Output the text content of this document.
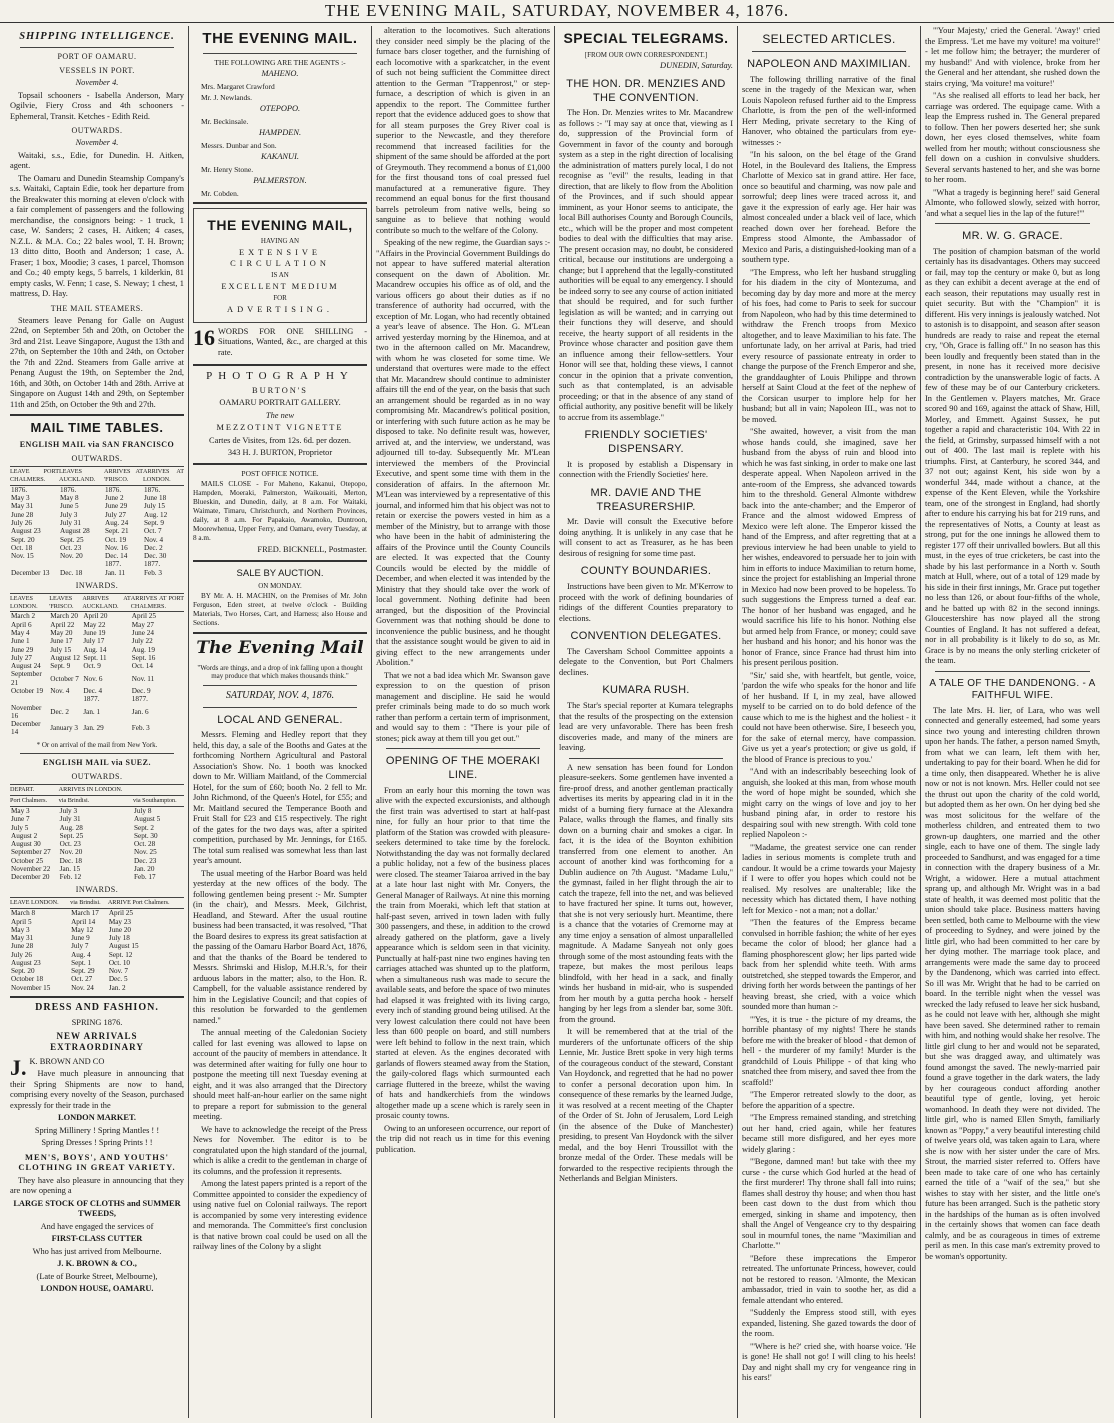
THE EVENING MAIL, SATURDAY, NOVEMBER 4, 1876.
SHIPPING INTELLIGENCE.
PORT OF OAMARU.
VESSELS IN PORT.

November 4.

Topsail schooners - Isabella Anderson, Mary Ogilvie, Fiery Cross and 4th schooners - Ephemeral, Transit. Ketches - Edith Reid.

OUTWARDS.

November 4.

Waitaki, s.s., Edie, for Dunedin. H. Aitken, agent.

The Oamaru and Dunedin Steamship Company's s.s. Waitaki, Captain Edie, took her departure from the Breakwater this morning at eleven o'clock with a fair complement of passengers and the following merchandise, the consignors being: - 1 truck, 1 case, W. Sanders; 2 cases, H. Aitken; 4 cases, N.Z.L. & M.A. Co.; 22 bales wool, T. H. Brown; 13 ditto ditto, Booth and Anderson; 1 case, A. Fraser; 1 box, Moodie; 3 cases, 1 parcel, Thomson and Co.; 40 empty kegs, 5 barrels, 1 kilderkin, 81 empty casks, W. Fenn; 1 case, S. Neway; 1 chest, 1 mattress, D. Hay.

THE MAIL STEAMERS.

Steamers leave Penang for Galle on August 22nd, on September 5th and 20th, on October the 3rd and 21st. Leave Singapore, August the 13th and 27th, on September the 10th and 24th, on October the 7th and 22nd. Steamers from Galle arrive at Penang August the 19th, on September the 2nd, 16th, and 30th, on October 14th and 28th. Arrive at Singapore on August 14th and 29th, on September 11th and 25th, on October the 9th and 27th.

MAIL TIME TABLES.
ENGLISH MAIL via SAN FRANCISCO
OUTWARDS.
LEAVE PORT CHALMERS.	LEAVES AUCKLAND.	ARRIVES AT 'FRISCO.	ARRIVES AT LONDON.
1876.	1876.	1876.	1876.
May 3	May 8	June 2	June 18
May 31	June 5	June 29	July 15
June 28	July 3	July 27	Aug. 12
July 26	July 31	Aug. 24	Sept. 9
August 23	August 28	Sept. 21	Oct. 7
Sept. 20	Sept. 25	Oct. 19	Nov. 4
Oct. 18	Oct. 23	Nov. 16	Dec. 2
Nov. 15	Nov. 20	Dec. 14	Dec. 30
		1877.	1877.
December 13	Dec. 18	Jan. 11	Feb. 3
INWARDS.
LEAVES LONDON.	LEAVES 'FRISCO.	ARRIVES AT AUCKLAND.	ARRIVES AT PORT CHALMERS.
March 2	March 20	April 20	April 25
April 6	April 22	May 22	May 27
May 4	May 20	June 19	June 24
June 1	June 17	July 17	July 22
June 29	July 15	Aug. 14	Aug. 19
July 27	August 12	Sept. 11	Sept. 16
August 24	Sept. 9	Oct. 9	Oct. 14
September 21	October 7	Nov. 6	Nov. 11
October 19	Nov. 4	Dec. 4	Dec. 9
		1877.	1877.
November 16	Dec. 2	Jan. 1	Jan. 6
December 14	January 3	Jan. 29	Feb. 3

* Or on arrival of the mail from New York.

ENGLISH MAIL via SUEZ.
OUTWARDS.
DEPART.	ARRIVES IN LONDON.	
Port Chalmers.	via Brindisi.	via Southampton.
May 3	July 3	July 8
June 7	July 31	August 5
July 5	Aug. 28	Sept. 2
August 2	Sept. 25	Sept. 30
August 30	Oct. 23	Oct. 28
September 27	Nov. 20	Nov. 25
October 25	Dec. 18	Dec. 23
November 22	Jan. 15	Jan. 20
December 20	Feb. 12	Feb. 17
INWARDS.
LEAVE LONDON.	via Brindisi.	ARRIVE Port Chalmers.
March 8	March 17	April 25
April 5	April 14	May 23
May 3	May 12	June 20
May 31	June 9	July 18
June 28	July 7	August 15
July 26	Aug. 4	Sept. 12
August 23	Sept. 1	Oct. 10
Sept. 20	Sept. 29	Nov. 7
October 18	Oct. 27	Dec. 5
November 15	Nov. 24	Jan. 2
DRESS AND FASHION.

SPRING 1876.

NEW ARRIVALS EXTRAORDINARY

J. K. BROWN AND CO

Have much pleasure in announcing that their Spring Shipments are now to hand, comprising every novelty of the Season, purchased expressly for their trade in the

LONDON MARKET.

Spring Millinery ! Spring Mantles ! !

Spring Dresses ! Spring Prints ! !

MEN'S, BOYS', AND YOUTHS' CLOTHING IN GREAT VARIETY.

They have also pleasure in announcing that they are now opening a

LARGE STOCK OF CLOTHS and SUMMER TWEEDS,

And have engaged the services of

FIRST-CLASS CUTTER

Who has just arrived from Melbourne.

J. K. BROWN & CO.,

(Late of Bourke Street, Melbourne),

LONDON HOUSE, OAMARU.

THE EVENING MAIL.

THE FOLLOWING ARE THE AGENTS :-

MAHENO.

Mrs. Margaret Crawford

Mr. J. Newlands.

OTEPOPO.

Mr. Beckinsale.

HAMPDEN.

Messrs. Dunbar and Son.

KAKANUI.

Mr. Henry Stone.

PALMERSTON.

Mr. Cobden.

THE EVENING MAIL,

HAVING AN

EXTENSIVE CIRCULATION

IS AN

EXCELLENT MEDIUM

FOR

ADVERTISING.

16 WORDS FOR ONE SHILLING - Situations, Wanted, &c., are charged at this rate.

PHOTOGRAPHY

BURTON'S

OAMARU PORTRAIT GALLERY.

The new

MEZZOTINT VIGNETTE

Cartes de Visites, from 12s. 6d. per dozen.

343 H. J. BURTON, Proprietor

POST OFFICE NOTICE.

MAILS CLOSE - For Maheno, Kakanui, Otepopo, Hampden, Moeraki, Palmerston, Waikouaiti, Merton, Blueskin, and Dunedin, daily, at 8 a.m. For Waitaki, Waimate, Timaru, Christchurch, and Northern Provinces, daily, at 8 a.m. For Papakaio, Awamoko, Duntroon, Moorewhenua, Upper Ferry, and Oamaru, every Tuesday, at 8 a.m.

FRED. BICKNELL, Postmaster.

SALE BY AUCTION.

ON MONDAY.

BY Mr. A. H. MACHIN, on the Premises of Mr. John Ferguson, Eden street, at twelve o'clock - Building Materials, Two Horses, Cart, and Harness; also House and Sections.

The Evening Mail

"Words are things, and a drop of ink falling upon a thought may produce that which makes thousands think."

SATURDAY, NOV. 4, 1876.

LOCAL AND GENERAL.

Messrs. Fleming and Hedley report that they held, this day, a sale of the Booths and Gates at the forthcoming Northern Agricultural and Pastoral Association's Show. No. 1 booth was knocked down to Mr. William Maitland, of the Commercial Hotel, for the sum of £60; booth No. 2 fell to Mr. John Richmond, of the Queen's Hotel, for £55; and Mr. Maitland secured the Temperance Booth and Fruit Stall for £23 and £15 respectively. The right of the gates for the two days was, after a spirited competition, purchased by Mr. Jennings, for £165. The total sum realised was somewhat less than last year's amount.

The usual meeting of the Harbor Board was held yesterday at the new offices of the body. The following gentlemen being present :- Mr. Sumpter (in the chair), and Messrs. Meek, Gilchrist, Headland, and Steward. After the usual routine business had been transacted, it was resolved, "That the Board desires to express its great satisfaction at the passing of the Oamaru Harbor Board Act, 1876, and that the thanks of the Board be tendered to Messrs. Shrimski and Hislop, M.H.R.'s, for their arduous labors in the matter; also, to the Hon. R. Campbell, for the valuable assistance rendered by him in the Legislative Council; and that copies of this resolution be forwarded to the gentlemen named."

The annual meeting of the Caledonian Society called for last evening was allowed to lapse on account of the paucity of members in attendance. It was determined after waiting for fully one hour to postpone the meeting till next Tuesday evening at eight, and it was also arranged that the Directory should meet half-an-hour earlier on the same night to prepare a report for submission to the general meeting.

We have to acknowledge the receipt of the Press News for November. The editor is to be congratulated upon the high standard of the journal, which is alike a credit to the gentleman in charge of its columns, and the profession it represents.

Among the latest papers printed is a report of the Committee appointed to consider the expediency of using native fuel on Colonial railways. The report is accompanied by some very interesting evidence and memoranda. The Committee's first conclusion is that native brown coal could be used on all the railway lines of the Colony by a slight

alteration to the locomotives. Such alterations they consider need simply be the placing of the furnace bars closer together, and the furnishing of each locomotive with a sparkcatcher, in the event of such not being sufficient the Committee direct attention to the German "Trappenrost," or step-furnace, a description of which is given in an appendix to the report. The Committee further report that the evidence adduced goes to show that for all steam purposes the Grey River coal is superior to the Newcastle, and they therefore recommend that increased facilities for the shipment of the same should be afforded at the port of Greymouth. They recommend a bonus of £1,000 for the first thousand tons of coal pressed fuel manufactured at a remunerative figure. They recommend an equal bonus for the first thousand barrels petroleum from native wells, being so sanguine as to believe that nothing would contribute so much to the welfare of the Colony.

Speaking of the new regime, the Guardian says :- "Affairs in the Provincial Government Buildings do not appear to have suffered material alteration consequent on the dawn of Abolition. Mr. Macandrew occupies his office as of old, and the various officers go about their duties as if no transference of authority had occurred, with the exception of Mr. Logan, who had recently obtained a year's leave of absence. The Hon. G. M'Lean arrived yesterday morning by the Hinemoa, and at two in the afternoon called on Mr. Macandrew, with whom he was closeted for some time. We understand that overtures were made to the effect that Mr. Macandrew should continue to administer affairs till the end of the year, on the basis that such an arrangement should be regarded as in no way compromising Mr. Macandrew's political position, or interfering with such future action as he may be disposed to take. No definite result was, however, arrived at, and the interview, we understand, was adjourned till to-day. Subsequently Mr. M'Lean interviewed the members of the Provincial Executive, and spent some time with them in the consideration of affairs. In the afternoon Mr. M'Lean was interviewed by a representative of this journal, and informed him that his object was not to retain or exercise the powers vested in him as a member of the Ministry, but to arrange with those who have been in the habit of administering the affairs of the Province until the County Councils are elected. It was expected that the County Councils would be elected by the middle of December, and when elected it was intended by the Ministry that they should take over the work of local government. Nothing definite had been arranged, but the disposition of the Provincial Government was that nothing should be done to inconvenience the public business, and he thought that the assistance sought would be given to aid in giving effect to the new arrangements under Abolition."

That we not a bad idea which Mr. Swanson gave expression to on the question of prison management and discipline. He said he would prefer criminals being made to do so much work rather than perform a certain term of imprisonment, and would say to them : "There is your pile of stones; pick away at them till you get out."

OPENING OF THE MOERAKI LINE.

From an early hour this morning the town was alive with the expected excursionists, and although the first train was advertised to start at half-past nine, for fully an hour prior to that time the platform of the Station was crowded with pleasure-seekers determined to take time by the forelock. Notwithstanding the day was not formally declared a public holiday, not a few of the business places were closed. The steamer Taiaroa arrived in the bay at a late hour last night with Mr. Conyers, the General Manager of Railways. At nine this morning the train from Moeraki, which left that station at half-past seven, arrived in town laden with fully 300 passengers, and these, in addition to the crowd already gathered on the platform, gave a lively appearance which is seldom seen in that vicinity. Punctually at half-past nine two engines having ten carriages attached was shunted up to the platform, when a simultaneous rush was made to secure the available seats, and before the space of two minutes had elapsed it was freighted with its living cargo, every inch of standing ground being utilised. At the very lowest calculation there could not have been less than 600 people on board, and still numbers were left behind to follow in the next train, which started at eleven. As the engines decorated with garlands of flowers steamed away from the Station, the gaily-colored flags which surmounted each carriage fluttered in the breeze, whilst the waving of hats and handkerchiefs from the windows altogether made up a scene which is rarely seen in prosaic county towns.

Owing to an unforeseen occurrence, our report of the trip did not reach us in time for this evening publication.

SPECIAL TELEGRAMS.

[FROM OUR OWN CORRESPONDENT.]

DUNEDIN, Saturday.

THE HON. DR. MENZIES AND THE CONVENTION.

The Hon. Dr. Menzies writes to Mr. Macandrew as follows :- "I may say at once that, viewing as I do, suppression of the Provincial form of Government in favor of the county and borough system as a step in the right direction of localising the administration of matters purely local, I do not recognise as "evil" the results, leading in that direction, that are likely to flow from the Abolition of the Provinces, and if such should appear imminent, as your Honor seems to anticipate, the local Bill authorises County and Borough Councils, etc., which will be the proper and most competent bodies to deal with the difficulties that may arise. The present occasion may, no doubt, be considered critical, because our institutions are undergoing a change; but I apprehend that the legally-constituted authorities will be equal to any emergency. I should be indeed sorry to see any course of action initiated that should be required, and for such further legislation as will be wanted; and in carrying out their functions they will deserve, and should receive, the hearty support of all residents in the Province whose character and position gave them an influence among their fellow-settlers. Your Honor will see that, holding these views, I cannot concur in the opinion that a private convention, such as that contemplated, is an advisable proceeding; or that in the absence of any stand of official authority, any positive benefit will be likely to accrue from its assemblage."

FRIENDLY SOCIETIES' DISPENSARY.

It is proposed by establish a Dispensary in connection with the Friendly Societies' here.

MR. DAVIE AND THE TREASURERSHIP.

Mr. Davie will consult the Executive before doing anything. It is unlikely in any case that he will consent to act as Treasurer, as he has been desirous of resigning for some time past.

COUNTY BOUNDARIES.

Instructions have been given to Mr. M'Kerrow to proceed with the work of defining boundaries of ridings of the different Counties preparatory to elections.

CONVENTION DELEGATES.

The Caversham School Committee appoints a delegate to the Convention, but Port Chalmers declines.

KUMARA RUSH.

The Star's special reporter at Kumara telegraphs that the results of the prospecting on the extension lead are very unfavorable. There has been fresh discoveries made, and many of the miners are leaving.

A new sensation has been found for London pleasure-seekers. Some gentlemen have invented a fire-proof dress, and another gentleman practically advertises its merits by appearing clad in it in the midst of a burning fiery furnace at the Alexandra Palace, walks through the flames, and finally sits down on a burning chair and smokes a cigar. In fact, it is the idea of the Boynton exhibition transferred from one element to another. An account of another kind was forthcoming for a Dublin audience on 7th August. "Madame Lulu," the gymnast, failed in her flight through the air to catch the trapeze, fell into the net, and was believed to have fractured her spine. It turns out, however, that she is not very seriously hurt. Meantime, there is a chance that the votaries of Cremorne may at any time enjoy a sensation of almost unparallelled magnitude. A Madame Sanyeah not only goes through some of the most astounding feats with the trapeze, but makes the most perilous leaps blindfold, with her head in a sack, and finally winds her husband in mid-air, who is suspended from her mouth by a gutta percha hook - herself hanging by her legs from a slender bar, some 30ft. from the ground.

It will be remembered that at the trial of the murderers of the unfortunate officers of the ship Lennie, Mr. Justice Brett spoke in very high terms of the courageous conduct of the steward, Constant Van Hoydonck, and regretted that he had no power to confer a personal decoration upon him. In consequence of these remarks by the learned Judge, it was resolved at a recent meeting of the Chapter of the Order of St. John of Jerusalem, Lord Leigh (in the absence of the Duke of Manchester) presiding, to present Van Hoydonck with the silver medal, and the boy Henri Troussillot with the bronze medal of the Order. These medals will be forwarded to the respective recipients through the Netherlands and Belgian Ministers.

SELECTED ARTICLES.
NAPOLEON AND MAXIMILIAN.

The following thrilling narrative of the final scene in the tragedy of the Mexican war, when Louis Napoleon refused further aid to the Empress Charlotte, is from the pen of the well-informed Herr Meding, private secretary to the King of Hanover, who obtained the particulars from eye-witnesses :-

"In his saloon, on the bel étage of the Grand Hotel, in the Boulevard des Italiens, the Empress Charlotte of Mexico sat in grand attire. Her face, once so beautiful and charming, was now pale and sorrowful; deep lines were traced across it, and gave it the expression of early age. Her hair was almost concealed under a black veil of lace, which reached down over her forehead. Before the Empress stood Almonte, the Ambassador of Mexico and Paris, a distinguished-looking man of a southern type.

"The Empress, who left her husband struggling for his diadem in the city of Montezuma, and becoming day by day more and more at the mercy of his foes, had come to Paris to seek for succour from Napoleon, who had by this time determined to withdraw the French troops from Mexico altogether, and to leave Maximilian to his fate. The unfortunate lady, on her arrival at Paris, had tried every resource of passionate entreaty in order to change the purpose of the French Emperor and she, the granddaughter of Louis Philippe and thrown herself at Saint Cloud at the feet of the nephew of the Corsican usurper to implore help for her husband; but all in vain; Napoleon III., was not to be moved.

"She awaited, however, a visit from the man whose hands could, she imagined, save her husband from the abyss of ruin and blood into which he was fast sinking, in order to make one last desperate appeal. When Napoleon arrived in the ante-room of the Empress, she advanced towards him to the threshold. General Almonte withdrew back into the ante-chamber; and the Emperor of France and the almost widowed Empress of Mexico were left alone. The Emperor kissed the hand of the Empress, and after regretting that at a previous interview he had been unable to yield to her wishes, endeavored to persuade her to join with him in efforts to induce Maximilian to return home, since the project for establishing an Imperial throne in Mexico had now been proved to be hopeless. To such suggestions the Empress turned a deaf ear. The honor of her husband was engaged, and he would sacrifice his life to his honor. Nothing else but armed help from France, or money; could save her husband and his honor; and his honor was the honor of France, since France had thrust him into his present perilous position.

"Sir,' said she, with heartfelt, but gentle, voice, 'pardon the wife who speaks for the honor and life of her husband. If I, in my zeal, have allowed myself to be carried on to do bold defence of the cause which to me is the highest and the holiest - it could not have been otherwise. Sire, I beseech you, for the sake of eternal mercy, have compassion. Give us yet a year's protection; or give us gold, if the blood of France is precious to you.'

"And with an indescribably beseeching look of anguish, she looked at this man, from whose mouth the word of hope might be sounded, which she might carry on the wings of love and joy to her husband pining afar, in order to restore his despairing soul with new strength. With cold tone replied Napoleon :-

"'Madame, the greatest service one can render ladies in serious moments is complete truth and candour. It would be a crime towards your Majesty if I were to offer you hopes which could not be realised. My resolves are unalterable; like the necessity which has dictated them, I have nothing left for Mexico - not a man; not a dollar.'

"Then the features of the Empress became convulsed in horrible fashion; the white of her eyes became the color of blood; her glance had a flaming phosphorescent glow; her lips parted wide back from her splendid white teeth. With arms outstretched, she stepped towards the Emperor, and driving forth her words between the pantings of her heaving breast, she cried, with a voice which sounded more than human :-

"'Yes, it is true - the picture of my dreams, the horrible phantasy of my nights! There he stands before me with the breaker of blood - that demon of hell - the murderer of my family! Murder is the grandchild of Louis Philippe - of that king who snatched thee from misery, and saved thee from the scaffold!'

"The Emperor retreated slowly to the door, as before the apparition of a spectre.

"The Empress remained standing, and stretching out her hand, cried again, while her features became still more disfigured, and her eyes more widely glaring :

"'Begone, damned man! but take with thee my curse - the curse which God hurled at the head of the first murderer! Thy throne shall fall into ruins; flames shall destroy thy house; and when thou hast been cast down to the dust from which thou emerged, sinking in shame and impotency, then shall the Angel of Vengeance cry to thy despairing soul in mournful tones, the name "Maximilian and Charlotte."'

"Before these imprecations the Emperor retreated. The unfortunate Princess, however, could not be restored to reason. 'Almonte, the Mexican ambassador, tried in vain to soothe her, as did a female attendant who entered.

"Suddenly the Empress stood still, with eyes expanded, listening. She gazed towards the door of the room.

"'Where is he?' cried she, with hoarse voice. 'He is gone! He shall not go! I will cling to his heels! Day and night shall my cry for vengeance ring in his ears!'

"'Your Majesty,' cried the General. 'Away!' cried the Empress. 'Let me have my voiture! ma voiture!' - let me follow him; the betrayer; the murderer of my husband!' And with violence, broke from her the General and her attendant, she rushed down the stairs crying, 'Ma voiture! ma voiture!'

"As she realised all efforts to lead her back, her carriage was ordered. The equipage came. With a leap the Empress rushed in. The General prepared to follow. Then her powers deserted her; she sunk down, her eyes closed themselves, white foam welled from her mouth; without consciousness she fell down on a cushion in convulsive shudders. Several servants hastened to her, and she was borne to her room.

"What a tragedy is beginning here!' said General Almonte, who followed slowly, seized with horror, 'and what a sequel lies in the lap of the future!'"

MR. W. G. GRACE.

The position of champion batsman of the world certainly has its disadvantages. Others may succeed or fail, may top the century or make 0, but as long as they can exhibit a decent average at the end of each season, their reputations may usually rest in quiet security. But with the "Champion" it is different. His very innings is jealously watched. Not to astonish is to disappoint, and season after season hundreds are ready to raise and repeat the eternal cry, "Oh, Grace is falling off." In no season has this been loudly and frequently been stated than in the present, in none has it received more decisive contradiction by the unanswerable logic of facts. A few of these may be of our Canterbury cricketers. In the Gentlemen v. Players matches, Mr. Grace scored 90 and 169, against the attack of Shaw, Hill, Morley, and Emmett. Against Sussex, he put together a rapid and characteristic 104. With 22 in the field, at Grimsby, surpassed himself with a not out of 400. The last mail is replete with his triumphs. First, at Canterbury, he scored 344, and 37 not out; against Kent, his side won by a wonderful 344, made without a chance, at the expense of the Kent Eleven, while the Yorkshire team, one of the strongest in England, had shortly after to endure his carrying his bat for 219 runs, and the representatives of Notts, a County at least as strong, put for the one innings he allowed them to register 177 off their unrivalled bowlers. But all this must, in the eyes of true cricketers, be cast into the shade by his last performance in a North v. South match at Hull, where, out of a total of 129 made by his side in their first innings, Mr. Grace put together no less than 126, or about four-fifths of the whole, and he batted up with 82 in the second innings. Gloucestershire has now played all the strong Counties of England. It has not suffered a defeat, nor in all probability is it likely to do so, as Mr. Grace is by no means the only sterling cricketer of the team.

A TALE OF THE DANDENONG. - A FAITHFUL WIFE.

The late Mrs. H. lier, of Lara, who was well connected and generally esteemed, had some years since two young and interesting children thrown upon her hands. The father, a person named Smyth, from what we can learn, left them with her, undertaking to pay for their board. When he did for a time only, then disappeared. Whether he is alive now or not is not known. Mrs. Heller could not see the thrust out upon the charity of the cold world, but adopted them as her own. On her dying bed she was most solicitous for the welfare of the motherless children, and entreated them to two grown-up daughters, one married and the other single, each to have one of them. The single lady proceeded to Sandhurst, and was engaged for a time in connection with the drapery business of a Mr. Wright, a widower. Here a mutual attachment sprang up, and although Mr. Wright was in a bad state of health, it was deemed most politic that the union should take place. Business matters having been settled, both came to Melbourne with the view of proceeding to Sydney, and were joined by the little girl, who had been committed to her care by her dying mother. The marriage took place, and arrangements were made the same day to proceed by the Dandenong, which was carried into effect. So ill was Mr. Wright that he had to be carried on board. In the terrible night when the vessel was wrecked the lady refused to leave her sick husband, as he could not leave with her, although she might have been saved. She determined rather to remain with him, and nothing would shake her resolve. The little girl clung to her and would not be separated, but she was dragged away, and ultimately was found amongst the saved. The newly-married pair found a grave together in the dark waters, the lady by her courageous conduct affording another beautiful type of gentle, loving, yet heroic womanhood. In death they were not divided. The little girl, who is named Ellen Smyth, familiarly known as "Poppy," a very beautiful interesting child of twelve years old, was taken again to Lara, where she is now with her sister under the care of Mrs. Strout, the married sister referred to. Offers have been made to take care of one who has certainly earned the title of a "waif of the sea," but she wishes to stay with her sister, and the little one's future has been arranged. Such is the pathetic story in the hardships of the human as is often involved in the certainly shows that women can face death calmly, and be as courageous in times of extreme peril as men. In this case man's extremity proved to be woman's opportunity.
